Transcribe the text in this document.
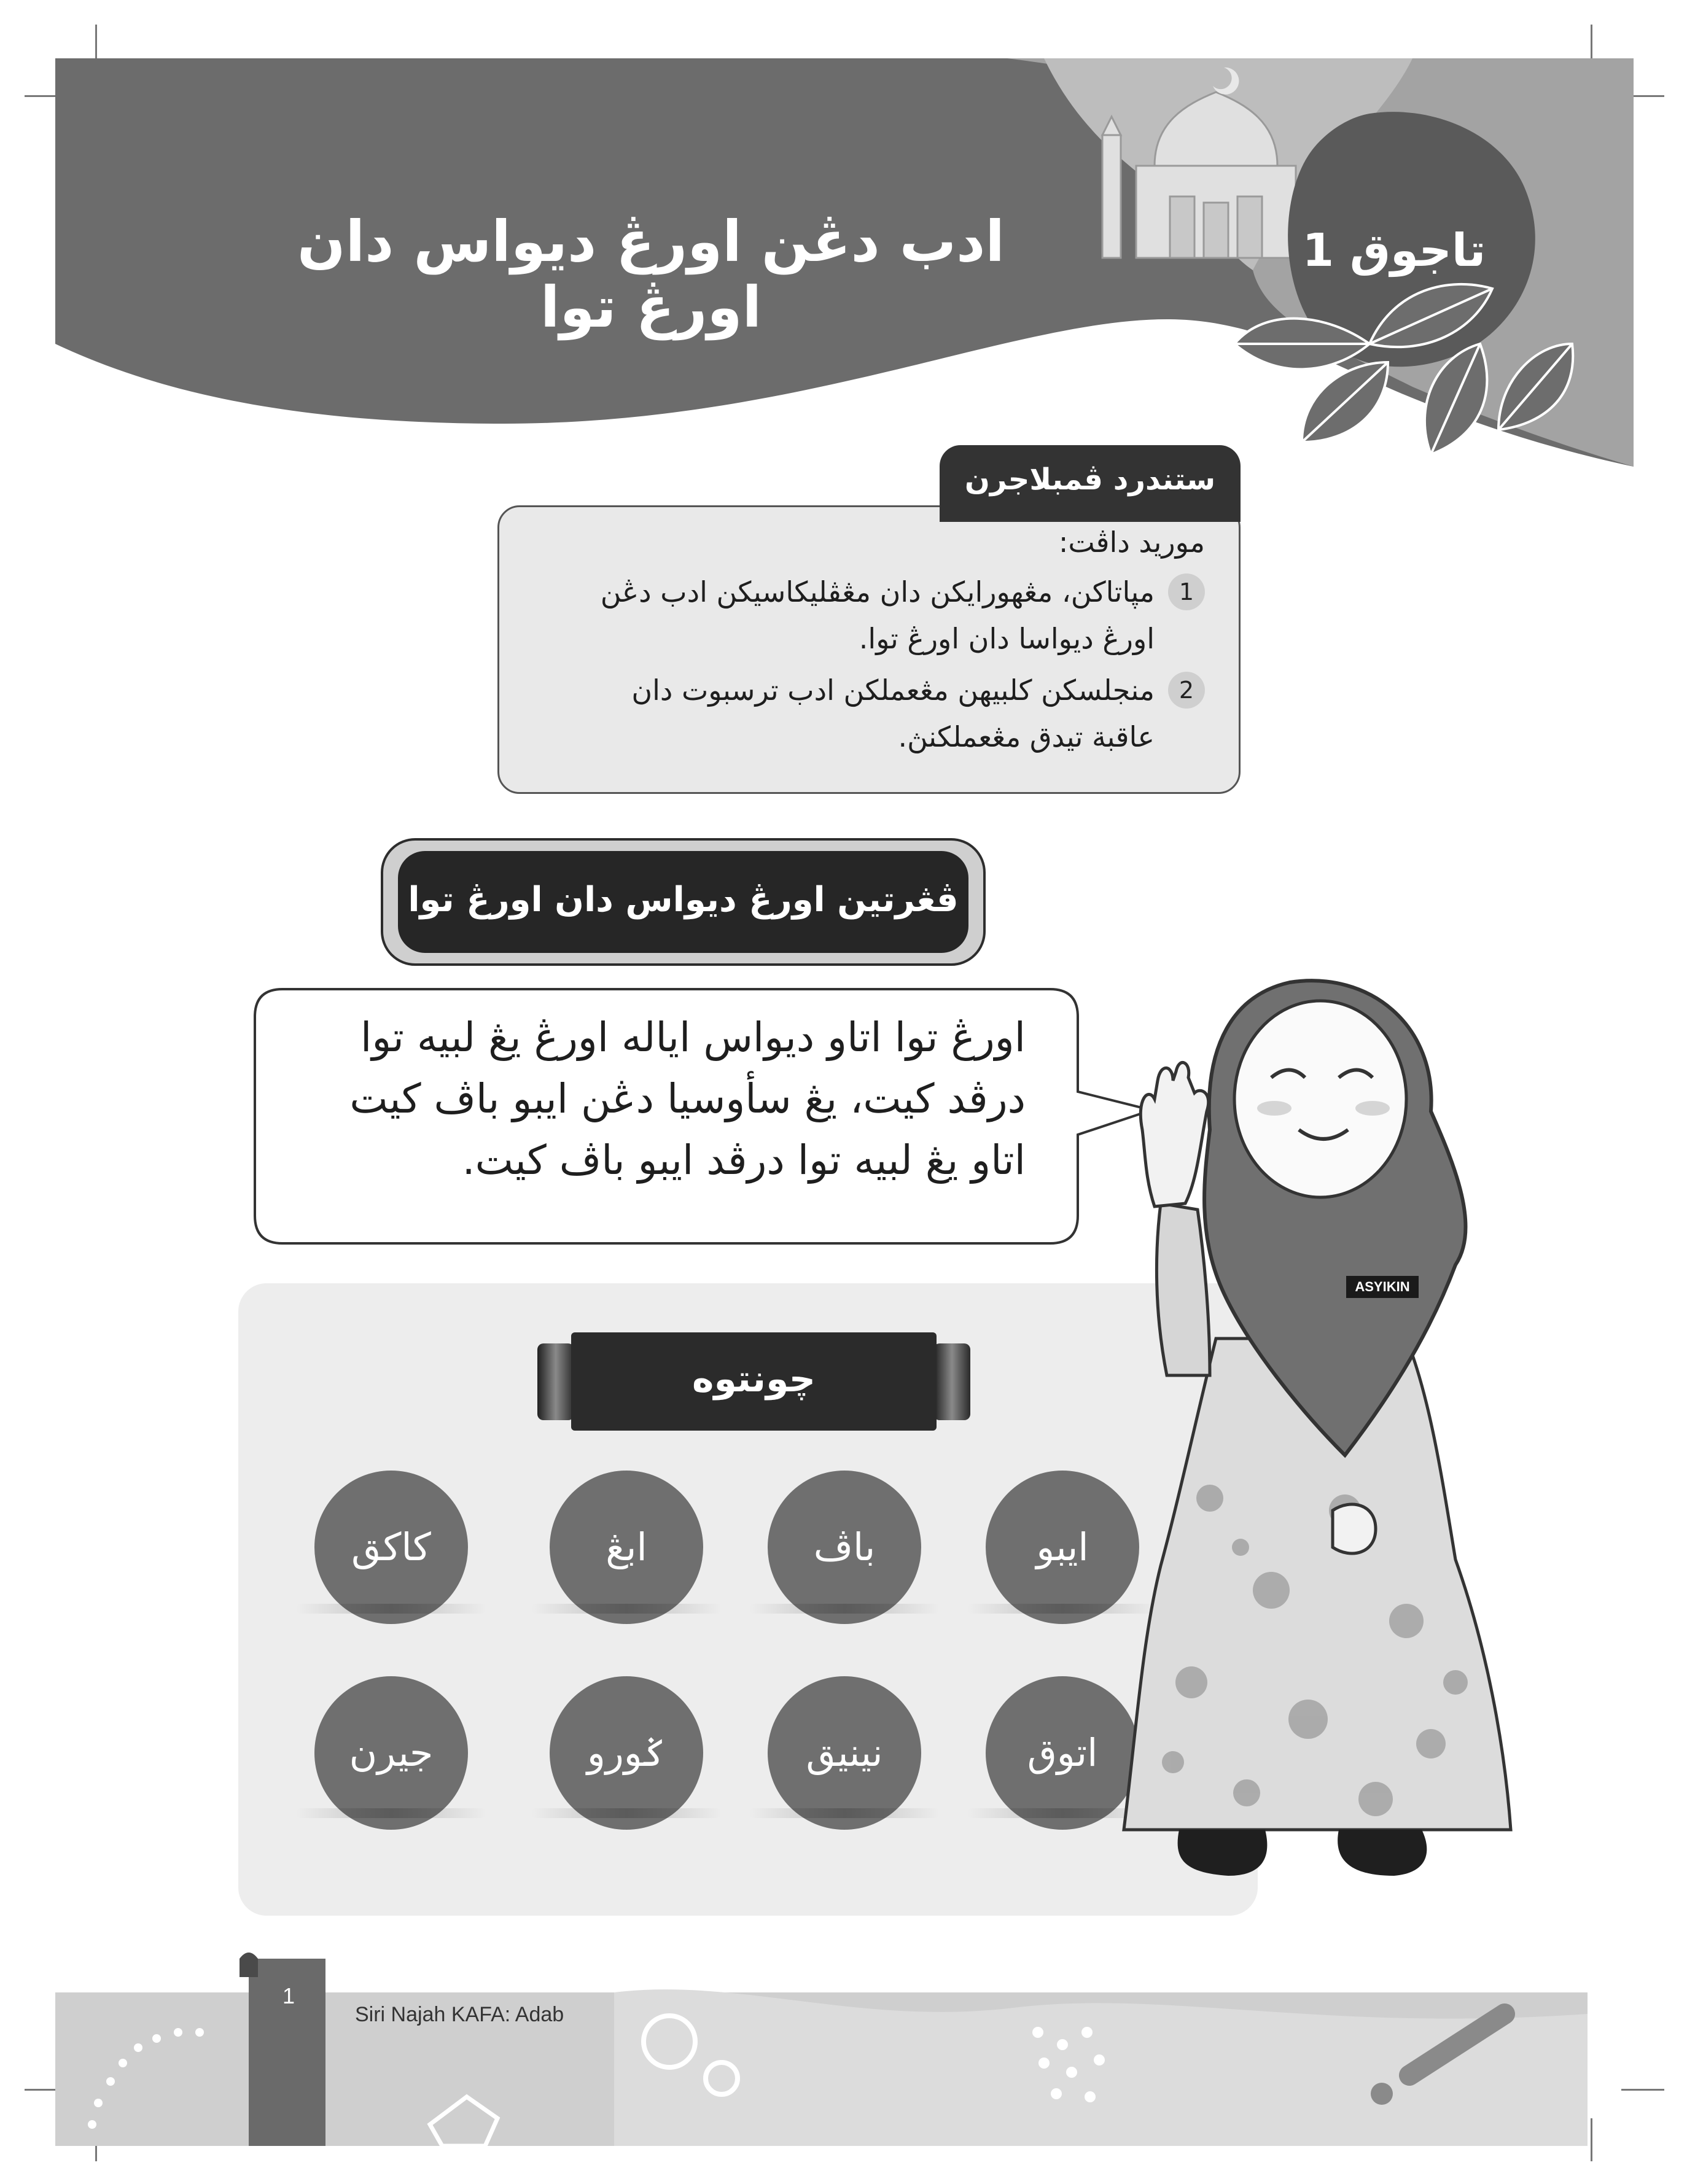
ادب دڠن اورڠ ديواس دان اورڠ توا
تاجوق 1
موريد داڤت:
1
مڽاتاكن، مڠهورايكن دان مڠڤليكاسيكن ادب دڠن اورڠ ديواسا دان اورڠ توا.
2
منجلسكن كلبيهن مڠعملكن ادب ترسبوت دان عاقبة تيدق مڠعملكنڽ.
ستندرد ڤمبلاجرن
ڤڠرتين اورڠ ديواس دان اورڠ توا
اورڠ توا اتاو ديواس اياله اورڠ يڠ لبيه توا درڤد كيت، يڠ سأوسيا دڠن ايبو باڤ كيت اتاو يڠ لبيه توا درڤد ايبو باڤ كيت.
چونتوه
ايبو
باڤ
ابڠ
كاكق
اتوق
نينيق
ݢورو
جيرن
ASYIKIN
1
Siri Najah KAFA: Adab
